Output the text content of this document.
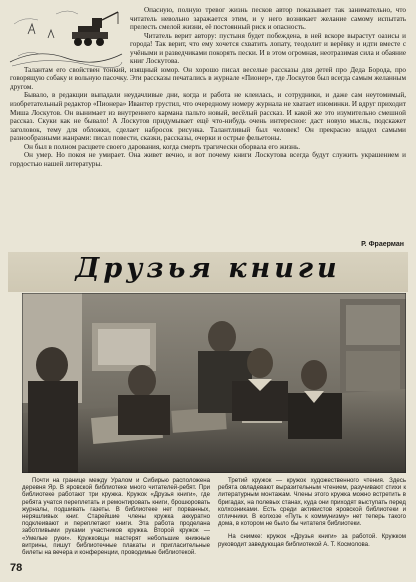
Опасную, полную тревог жизнь песков автор показывает так занимательно, что читатель невольно заражается этим, и у него возникает желание самому испытать прелесть смелой жизни, её постоянный риск и опасность.

Читатель верит автору: пустыня будет побеждена, в ней вскоре вырастут оазисы и города! Так верит, что ему хочется схватить лопату, теодолит и верёвку и идти вместе с учёными и разведчиками покорять пески. И в этом огромная, неотразимая сила и обаяние книг Лоскутова.

Талантам его свойствен тонкий, изящный юмор. Он хорошо писал веселые рассказы для детей про Деда Борода, про говорящую собаку и вольную пасочку. Эти рассказы печатались в журнале «Пионер», где Лоскутов был всегда самым желанным другом.

Бывало, в редакции выпадали неудачливые дни, когда и работа не клеилась, и сотрудники, и даже сам неутомимый, изобретательный редактор «Пионера» Ивантер грустил, что очередному номеру журнала не хватает изюминки. И вдруг приходит Миша Лоскутов. Он вынимает из внутреннего кармана пальто новый, весёлый рассказ. И какой же это изумительно смешной рассказ. Скуки как не бывало! А Лоскутов придумывает ещё что-нибудь очень интересное: даст новую мысль, подскажет заголовок, тему для обложки, сделает набросок рисунка. Талантливый был человек! Он прекрасно владел самыми разнообразными жанрами: писал повести, сказки, рассказы, очерки и острые фельетоны.

Он был в полном расцвете своего дарования, когда смерть трагически оборвала его жизнь.

Он умер. Но покоя не умирает. Она живет вечно, и вот почему книги Лоскутова всегда будут служить украшением и гордостью нашей литературы.

Р. Фраерман
Друзья книги

Почти на границе между Уралом и Сибирью расположена деревня Яр. В яровской библиотеке много читателей-ребят. При библиотеке работают три кружка. Кружок «Друзья книги», где ребята учатся переплетать и ремонтировать книги, брошюровать журналы, подшивать газеты. В библиотеке нет порванных, неряшливых книг. Старейшие члены кружка аккуратно подклеивают и переплетают книги. Эта работа проделана заботливыми руками участников кружка. Второй кружок — «Умелые руки». Кружковцы мастерят небольшие книжные витрины, пишут библиотечные плакаты и пригласительные билеты на вечера и конференции, проводимые библиотекой.

Третий кружок — кружок художественного чтения. Здесь ребята овладевают выразительным чтением, разучивают стихи к литературным монтажам. Члены этого кружка можно встретить в бригадах, на полевых станах, куда они приходят выступать перед колхозниками. Есть среди активистов яровской библиотеки и отличники. В колхозе «Путь к коммунизму» нет теперь такого дома, в котором не было бы читателя библиотеки.

На снимке: кружок «Друзья книги» за работой. Кружком руководит заведующая библиотекой А. Т. Космолова.

78
